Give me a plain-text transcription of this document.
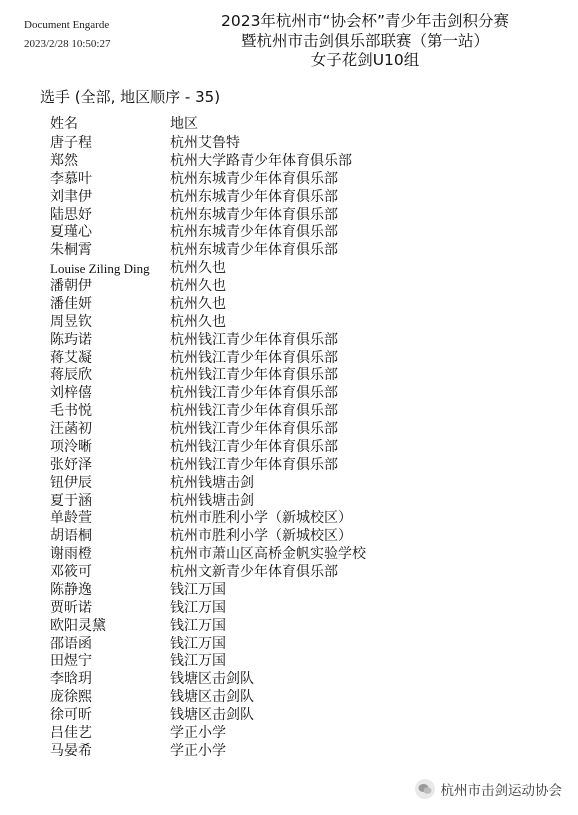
Document Engarde
2023/2/28 10:50:27
2023年杭州市“协会杯”青少年击剑积分赛
暨杭州市击剑俱乐部联赛（第一站）
女子花剑U10组
选手 (全部, 地区顺序 - 35)
姓名	地区
唐子程	杭州艾鲁特
郑然	杭州大学路青少年体育俱乐部
李慕叶	杭州东城青少年体育俱乐部
刘聿伊	杭州东城青少年体育俱乐部
陆思妤	杭州东城青少年体育俱乐部
夏瑾心	杭州东城青少年体育俱乐部
朱桐霄	杭州东城青少年体育俱乐部
Louise Ziling Ding	杭州久也
潘朝伊	杭州久也
潘佳妍	杭州久也
周昱钦	杭州久也
陈玙诺	杭州钱江青少年体育俱乐部
蒋艾凝	杭州钱江青少年体育俱乐部
蒋辰欣	杭州钱江青少年体育俱乐部
刘梓僖	杭州钱江青少年体育俱乐部
毛书悦	杭州钱江青少年体育俱乐部
汪菡初	杭州钱江青少年体育俱乐部
项泠晰	杭州钱江青少年体育俱乐部
张妤泽	杭州钱江青少年体育俱乐部
钮伊辰	杭州钱塘击剑
夏于涵	杭州钱塘击剑
单龄萱	杭州市胜利小学（新城校区）
胡语桐	杭州市胜利小学（新城校区）
谢雨橙	杭州市萧山区高桥金帆实验学校
邓筱可	杭州文新青少年体育俱乐部
陈静逸	钱江万国
贾昕诺	钱江万国
欧阳灵黛	钱江万国
邵语函	钱江万国
田煜宁	钱江万国
李晗玥	钱塘区击剑队
庞徐熙	钱塘区击剑队
徐可昕	钱塘区击剑队
吕佳艺	学正小学
马晏希	学正小学
杭州市击剑运动协会
